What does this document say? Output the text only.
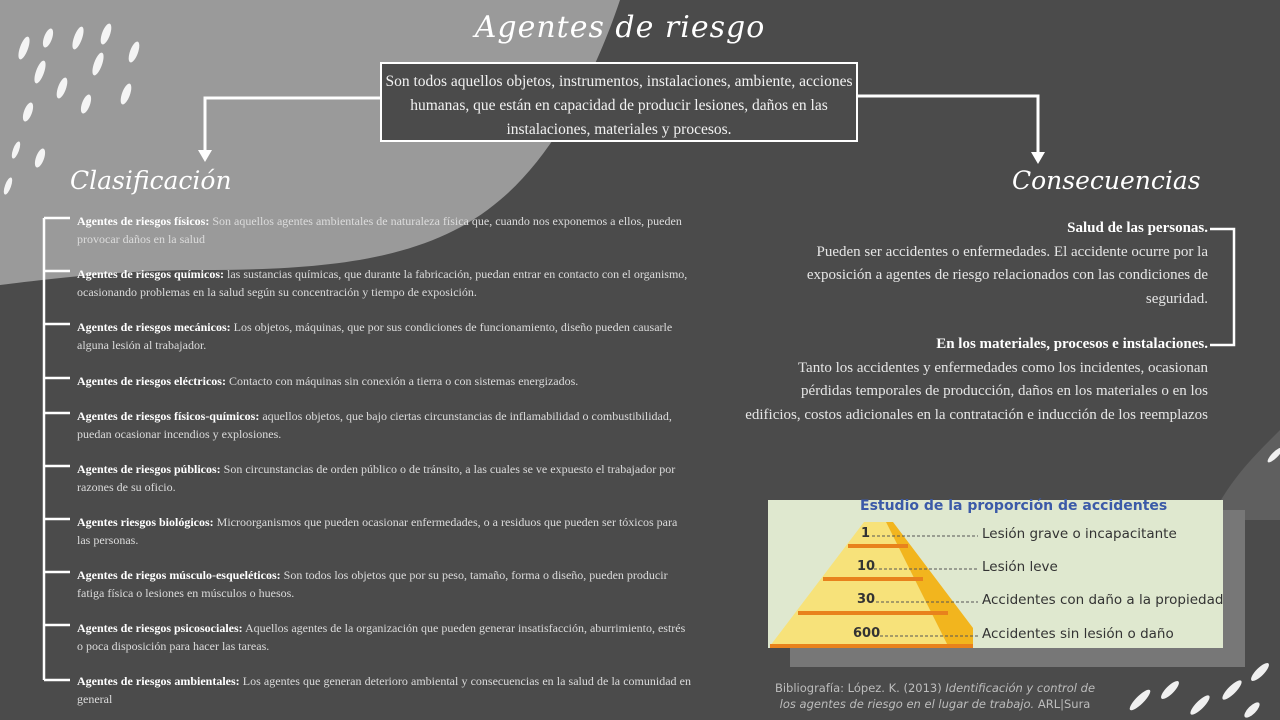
Agentes de riesgo
Son todos aquellos objetos, instrumentos, instalaciones, ambiente, acciones humanas, que están en capacidad de producir lesiones, daños en las instalaciones, materiales y procesos.
Clasificación	Consecuencias
Agentes de riesgos físicos: Son aquellos agentes ambientales de naturaleza física que, cuando nos exponemos a ellos, pueden provocar daños en la salud
Agentes de riesgos químicos: las sustancias químicas, que durante la fabricación, puedan entrar en contacto con el organismo, ocasionando problemas en la salud según su concentración y tiempo de exposición.
Agentes de riesgos mecánicos: Los objetos, máquinas, que por sus condiciones de funcionamiento, diseño pueden causarle alguna lesión al trabajador.
Agentes de riesgos eléctricos: Contacto con máquinas sin conexión a tierra o con sistemas energizados.
Agentes de riesgos físicos-químicos: aquellos objetos, que bajo ciertas circunstancias de inflamabilidad o combustibilidad, puedan ocasionar incendios y explosiones.
Agentes de riesgos públicos: Son circunstancias de orden público o de tránsito, a las cuales se ve expuesto el trabajador por razones de su oficio.
Agentes riesgos biológicos: Microorganismos que pueden ocasionar enfermedades, o a residuos que pueden ser tóxicos para las personas.
Agentes de riegos músculo-esqueléticos: Son todos los objetos que por su peso, tamaño, forma o diseño, pueden producir fatiga física o lesiones en músculos o huesos.
Agentes de riesgos psicosociales: Aquellos agentes de la organización que pueden generar insatisfacción, aburrimiento, estrés o poca disposición para hacer las tareas.
Agentes de riesgos ambientales: Los agentes que generan deterioro ambiental y consecuencias en la salud de la comunidad en general
Salud de las personas.
Pueden ser accidentes o enfermedades. El accidente ocurre por la exposición a agentes de riesgo relacionados con las condiciones de seguridad.
En los materiales, procesos e instalaciones.
Tanto los accidentes y enfermedades como los incidentes, ocasionan pérdidas temporales de producción, daños en los materiales o en los edificios, costos adicionales en la contratación e inducción de los reemplazos
Estudio de la proporción de accidentes
1
10
30
600
Lesión grave o incapacitante
Lesión leve
Accidentes con daño a la propiedad
Accidentes sin lesión o daño
Bibliografía: López. K. (2013) Identificación y control de los agentes de riesgo en el lugar de trabajo. ARL|Sura
